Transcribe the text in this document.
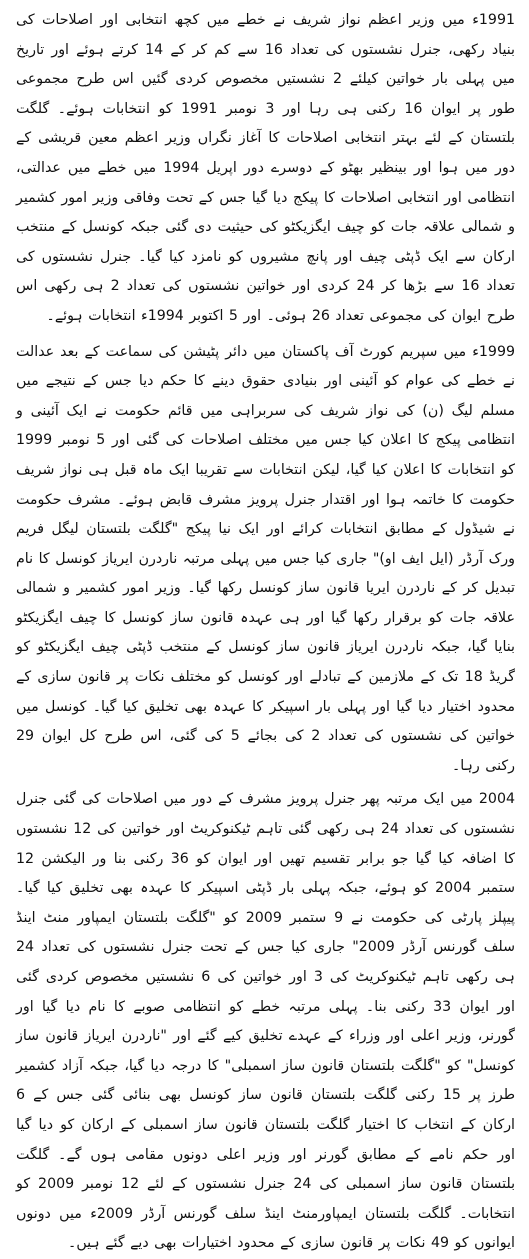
1991ء میں وزیر اعظم نواز شریف نے خطے میں کچھ انتخابی اور اصلاحات کی بنیاد رکھی، جنرل نشستوں کی تعداد 16 سے کم کر کے 14 کرتے ہوئے اور تاریخ میں پہلی بار خواتین کیلئے 2 نشستیں مخصوص کردی گئیں اس طرح مجموعی طور پر ایوان 16 رکنی ہی رہا اور 3 نومبر 1991 کو انتخابات ہوئے۔ گلگت بلتستان کے لئے بہتر انتخابی اصلاحات کا آغاز نگراں وزیر اعظم معین قریشی کے دور میں ہوا اور بینظیر بھٹو کے دوسرے دور اپریل 1994 میں خطے میں عدالتی، انتظامی اور انتخابی اصلاحات کا پیکج دیا گیا جس کے تحت وفاقی وزیر امور کشمیر و شمالی علاقہ جات کو چیف ایگزیکٹو کی حیثیت دی گئی جبکہ کونسل کے منتخب ارکان سے ایک ڈپٹی چیف اور پانچ مشیروں کو نامزد کیا گیا۔ جنرل نشستوں کی تعداد 16 سے بڑھا کر 24 کردی اور خواتین نشستوں کی تعداد 2 ہی رکھی اس طرح ایوان کی مجموعی تعداد 26 ہوئی۔ اور 5 اکتوبر 1994ء انتخابات ہوئے۔

1999ء میں سپریم کورٹ آف پاکستان میں دائر پٹیشن کی سماعت کے بعد عدالت نے خطے کی عوام کو آئینی اور بنیادی حقوق دینے کا حکم دیا جس کے نتیجے میں مسلم لیگ (ن) کی نواز شریف کی سربراہی میں قائم حکومت نے ایک آئینی و انتظامی پیکج کا اعلان کیا جس میں مختلف اصلاحات کی گئی اور 5 نومبر 1999 کو انتخابات کا اعلان کیا گیا، لیکن انتخابات سے تقریبا ایک ماہ قبل ہی نواز شریف حکومت کا خاتمہ ہوا اور اقتدار جنرل پرویز مشرف قابض ہوئے۔ مشرف حکومت نے شیڈول کے مطابق انتخابات کرائے اور ایک نیا پیکج "گلگت بلتستان لیگل فریم ورک آرڈر (ایل ایف او)" جاری کیا جس میں پہلی مرتبہ ناردرن ایریاز کونسل کا نام تبدیل کر کے ناردرن ایریا قانون ساز کونسل رکھا گیا۔ وزیر امور کشمیر و شمالی علاقہ جات کو برقرار رکھا گیا اور ہی عہدہ قانون ساز کونسل کا چیف ایگزیکٹو بنایا گیا، جبکہ ناردرن ایریاز قانون ساز کونسل کے منتخب ڈپٹی چیف ایگزیکٹو کو گریڈ 18 تک کے ملازمین کے تبادلے اور کونسل کو مختلف نکات پر قانون سازی کے محدود اختیار دیا گیا اور پہلی بار اسپیکر کا عہدہ بھی تخلیق کیا گیا۔ کونسل میں خواتین کی نشستوں کی تعداد 2 کی بجائے 5 کی گئی، اس طرح کل ایوان 29 رکنی رہا۔

2004 میں ایک مرتبہ پھر جنرل پرویز مشرف کے دور میں اصلاحات کی گئی جنرل نشستوں کی تعداد 24 ہی رکھی گئی تاہم ٹیکنوکریٹ اور خواتین کی 12 نشستوں کا اضافہ کیا گیا جو برابر تقسیم تھیں اور ایوان کو 36 رکنی بنا ور الیکشن 12 ستمبر 2004 کو ہوئے، جبکہ پہلی بار ڈپٹی اسپیکر کا عہدہ بھی تخلیق کیا گیا۔ پیپلز پارٹی کی حکومت نے 9 ستمبر 2009 کو "گلگت بلتستان ایمپاور منٹ اینڈ سلف گورنس آرڈر 2009" جاری کیا جس کے تحت جنرل نشستوں کی تعداد 24 ہی رکھی تاہم ٹیکنوکریٹ کی 3 اور خواتین کی 6 نشستیں مخصوص کردی گئی اور ایوان 33 رکنی بنا۔ پہلی مرتبہ خطے کو انتظامی صوبے کا نام دیا گیا اور گورنر، وزیر اعلی اور وزراء کے عہدے تخلیق کیے گئے اور "ناردرن ایریاز قانون ساز کونسل" کو "گلگت بلتستان قانون ساز اسمبلی" کا درجہ دیا گیا، جبکہ آزاد کشمیر طرز پر 15 رکنی گلگت بلتستان قانون ساز کونسل بھی بنائی گئی جس کے 6 ارکان کے انتخاب کا اختیار گلگت بلتستان قانون ساز اسمبلی کے ارکان کو دیا گیا اور حکم نامے کے مطابق گورنر اور وزیر اعلی دونوں مقامی ہوں گے۔ گلگت بلتستان قانون ساز اسمبلی کی 24 جنرل نشستوں کے لئے 12 نومبر 2009 کو انتخابات۔ گلگت بلتستان ایمپاورمنٹ اینڈ سلف گورنس آرڈر 2009ء میں دونوں ایوانوں کو 49 نکات پر قانون سازی کے محدود اختیارات بھی دیے گئے ہیں۔
